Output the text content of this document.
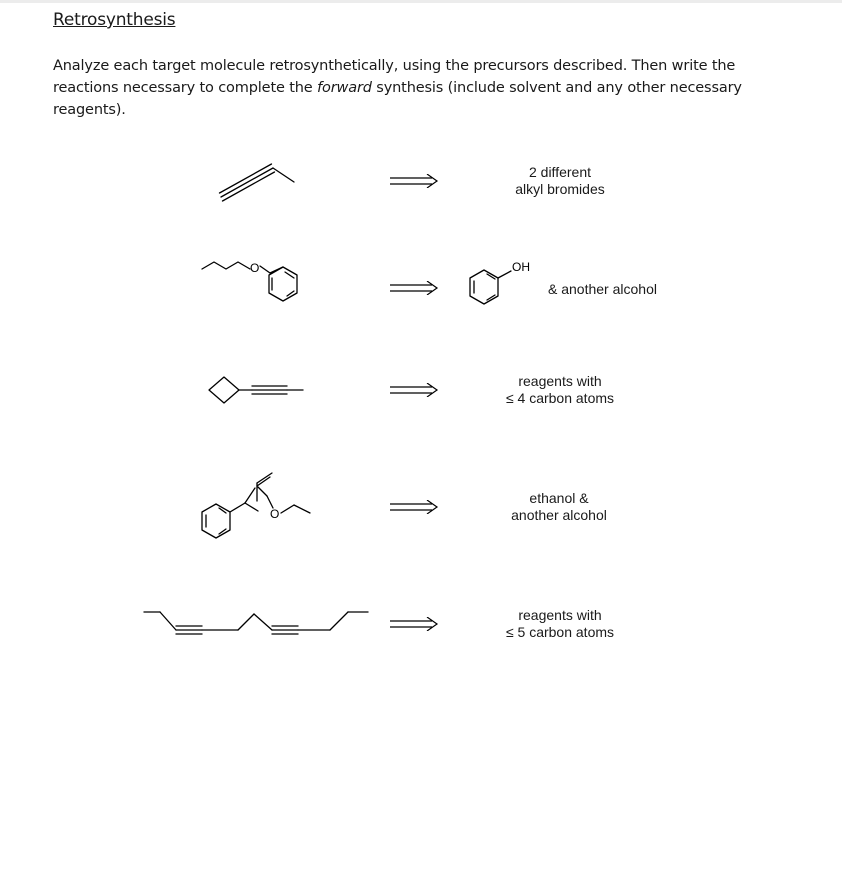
Retrosynthesis
Analyze each target molecule retrosynthetically, using the precursors described. Then write the reactions necessary to complete the forward synthesis (include solvent and any other necessary reagents).
2 different
alkyl bromides
O	OH
& another alcohol
reagents with
≤ 4 carbon atoms
O
ethanol &
another alcohol
reagents with
≤ 5 carbon atoms
